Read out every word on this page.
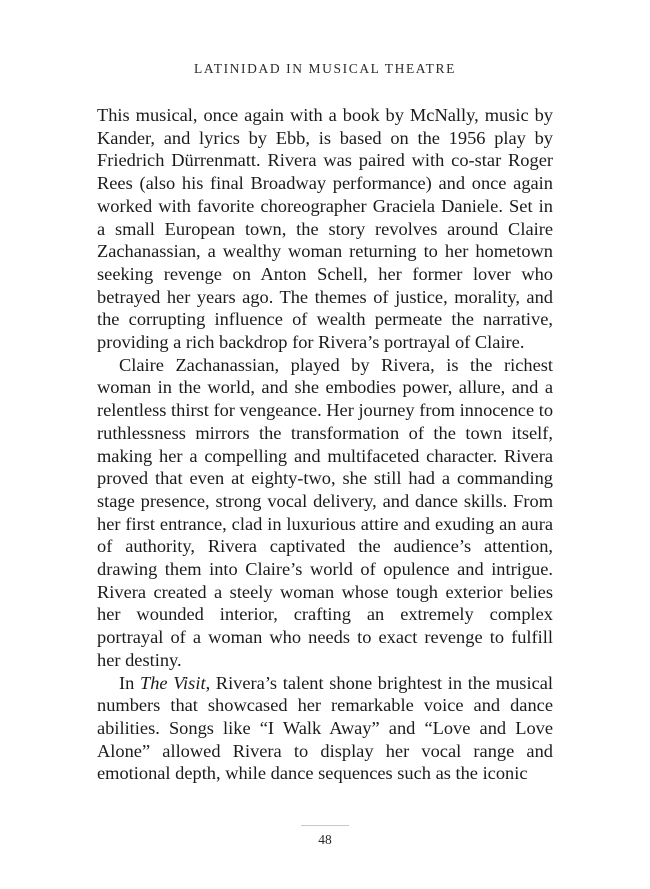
LATINIDAD IN MUSICAL THEATRE

This musical, once again with a book by McNally, music by Kander, and lyrics by Ebb, is based on the 1956 play by Friedrich Dürrenmatt. Rivera was paired with co-star Roger Rees (also his final Broadway performance) and once again worked with favorite choreographer Graciela Daniele. Set in a small European town, the story revolves around Claire Zachanassian, a wealthy woman returning to her hometown seeking revenge on Anton Schell, her former lover who betrayed her years ago. The themes of justice, morality, and the corrupting influence of wealth permeate the narrative, providing a rich backdrop for Rivera’s portrayal of Claire.

Claire Zachanassian, played by Rivera, is the richest woman in the world, and she embodies power, allure, and a relentless thirst for vengeance. Her journey from innocence to ruthlessness mirrors the transformation of the town itself, making her a compelling and multifaceted character. Rivera proved that even at eighty-two, she still had a commanding stage presence, strong vocal delivery, and dance skills. From her first entrance, clad in luxurious attire and exuding an aura of authority, Rivera captivated the audience’s attention, drawing them into Claire’s world of opulence and intrigue. Rivera created a steely woman whose tough exterior belies her wounded interior, crafting an extremely complex portrayal of a woman who needs to exact revenge to fulfill her destiny.

In The Visit, Rivera’s talent shone brightest in the musical numbers that showcased her remarkable voice and dance abilities. Songs like “I Walk Away” and “Love and Love Alone” allowed Rivera to display her vocal range and emotional depth, while dance sequences such as the iconic

48
